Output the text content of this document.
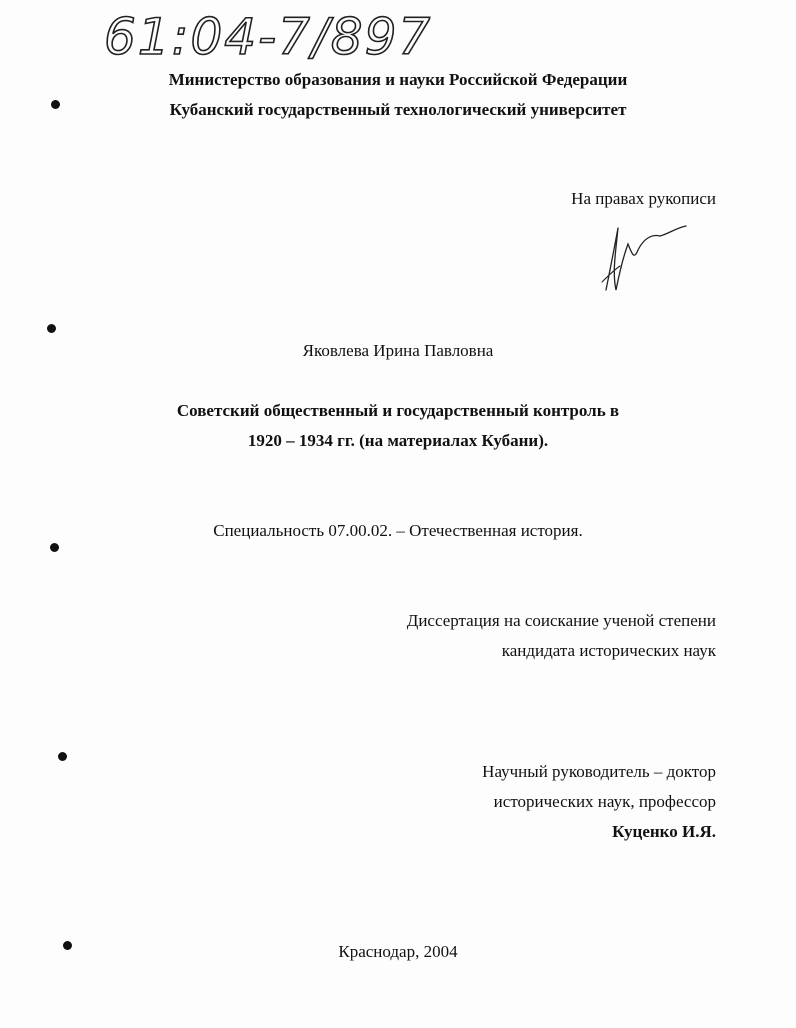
61:04-7/897
Министерство образования и науки Российской Федерации
Кубанский государственный технологический университет
На правах рукописи
Яковлева Ирина Павловна
Советский общественный и государственный контроль в
1920 – 1934 гг. (на материалах Кубани).
Специальность 07.00.02. – Отечественная история.
Диссертация на соискание ученой степени
кандидата исторических наук
Научный руководитель – доктор
исторических наук, профессор
Куценко И.Я.
Краснодар, 2004
